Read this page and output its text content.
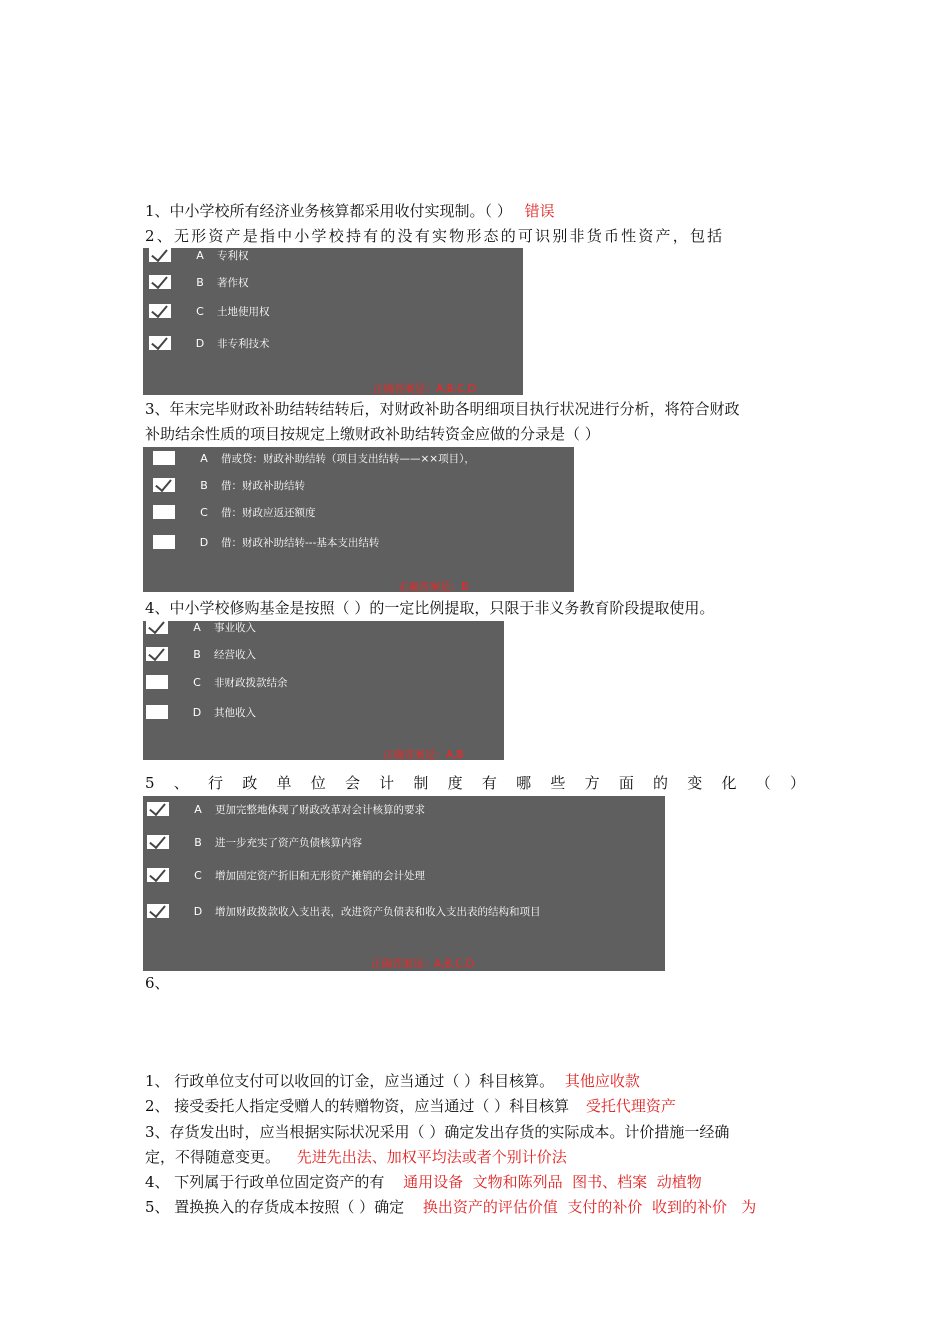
1、中小学校所有经济业务核算都采用收付实现制。（ ） 错误
2、无形资产是指中小学校持有的没有实物形态的可识别非货币性资产，包括
A	专利权
B	著作权
C	土地使用权
D	非专利技术
正确答案是：A,B,C,D
3、年末完毕财政补助结转结转后，对财政补助各明细项目执行状况进行分析，将符合财政
补助结余性质的项目按规定上缴财政补助结转资金应做的分录是（ ）
A	借或贷：财政补助结转（项目支出结转——××项目），
B	借：财政补助结转
C	借：财政应返还额度
D	借：财政补助结转---基本支出结转
正确答案是：B
4、中小学校修购基金是按照（ ）的一定比例提取，只限于非义务教育阶段提取使用。
A	事业收入
B	经营收入
C	非财政拨款结余
D	其他收入
正确答案是：A,B
5 、 行 政 单 位 会 计 制 度 有 哪 些 方 面 的 变 化 （ ）
A	更加完整地体现了财政改革对会计核算的要求
B	进一步充实了资产负债核算内容
C	增加固定资产折旧和无形资产摊销的会计处理
D	增加财政拨款收入支出表，改进资产负债表和收入支出表的结构和项目
正确答案是：A,B,C,D
6、
1、 行政单位支付可以收回的订金，应当通过（ ）科目核算。 其他应收款
2、 接受委托人指定受赠人的转赠物资，应当通过（ ）科目核算 受托代理资产
3、存货发出时，应当根据实际状况采用（ ）确定发出存货的实际成本。计价措施一经确
定，不得随意变更。 先进先出法、加权平均法或者个别计价法
4、 下列属于行政单位固定资产的有 通用设备  文物和陈列品  图书、档案  动植物
5、 置换换入的存货成本按照（ ）确定 换出资产的评估价值  支付的补价  收到的补价   为
